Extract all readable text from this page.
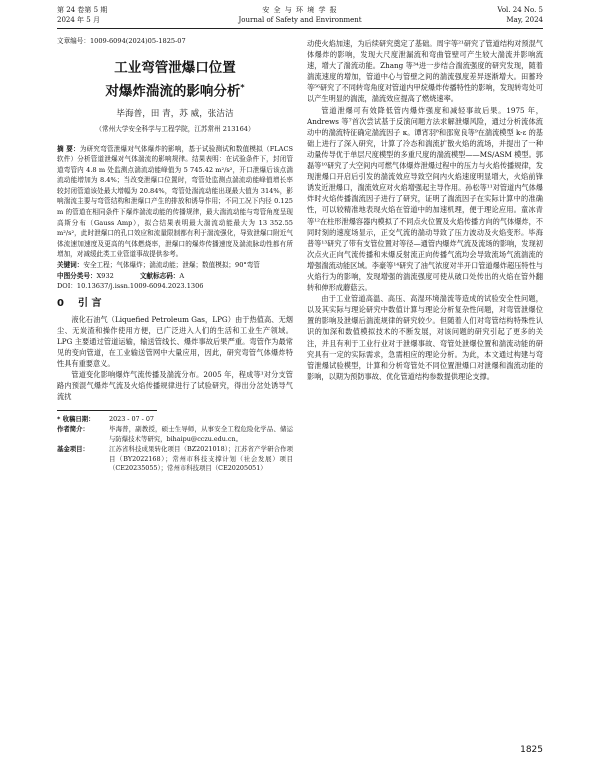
第 24 卷第 5 期
2024 年 5 月
安 全 与 环 境 学 报
Journal of Safety and Environment
Vol. 24 No. 5
May, 2024

文章编号：1009-6094(2024)05-1825-07

工业弯管泄爆口位置
对爆炸湍流的影响分析*
毕海普，田 青，苏 威，张洁洁
（常州大学安全科学与工程学院，江苏常州 213164）

摘 要：为研究弯管泄爆对气体爆炸的影响，基于试验测试和数值模拟（FLACS 软件）分析管道泄爆对气体湍流的影响规律。结果表明：在试验条件下，封闭管道弯管内 4.8 m 处监测点湍流动能峰值为 5 745.42 m²/s²，开口泄爆后该点湍流动能增加为 8.4%；当改变泄爆口位置时，弯管处监测点湍流动能峰值增长率较封闭管道该处最大增幅为 20.84%，弯管处湍流动能出现最大值为 314%，影响湍流主要与弯管结构和泄爆口产生的排放和诱导作用；不同工况下内径 0.125 m 的管道在相同条件下爆炸湍流动能的传播规律，最大湍流动能与弯管角度呈现高斯分布（Gauss Amp），拟合结果表明最大湍流动能最大为 13 352.55 m²/s²，此时泄爆口的孔口效应和流量限制都有利于湍流强化，导致泄爆口附近气体流速加速度及更高的气体燃烧率，泄爆口的爆炸传播速度及湍流脉动性都有所增加，对减缓此类工业管道事故提供参考。

关键词：安全工程；气体爆炸；湍流动能；泄爆；数值模拟；90°弯管

中图分类号：X932	文献标志码：A

DOI：10.13637/j.issn.1009-6094.2023.1306

0 引 言

液化石油气（Liquefied Petroleum Gas，LPG）由于热值高、无烟尘、无炭渣和操作使用方便，已广泛进入人们的生活和工业生产领域。LPG 主要通过管道运输，输送管线长、爆炸事故后果严重。弯管作为最常见的变向管道，在工业输送管网中大量应用，因此，研究弯管气体爆炸特性具有重要意义。

管道变化影响爆炸气流传播及湍流分布。2005 年，程成等¹对分支管路内预混气爆炸气流及火焰传播规律进行了试验研究，得出分岔处诱导气流扰

* 收稿日期： 2023 - 07 - 07

作者简介：	毕海普，副教授，硕士生导师，从事安全工程危险化学品、储运与防爆技术等研究，bihaipu@cczu.edu.cn。

基金项目：	江苏省科技成果转化项目（BZ2021018）；江苏省产学研合作项目（BY2022168）；常州市科技支撑计划（社会发展）项目（CE20235055）；常州市科技项目（CE20205051）

动使火焰加速，为后续研究奠定了基础。周宇等²¹研究了管道结构对预混气体爆炸的影响，发现大尺度泄漏流和弯曲管壁可产生较大湍流并影响流速，增大了湍流动能。Zhang 等³⁴进一步结合湍流强度的研究发现，随着湍流速度的增加，管道中心与管壁之间的湍流强度差异逐渐增大。田蓄玲等⁵⁶研究了不同转弯角度对管道内甲烷爆炸传播特性的影响，发现转弯处可以产生明显的湍流，湍流效应提高了燃烧速率。

管道泄爆可有效降低管内爆炸强度和减轻事故后果。1975 年，Andrews 等⁷首次尝试基于反演问题方法求解泄爆风险，通过分析流体流动中的湍流特征确定湍流因子 κ。谭宵羽⁸和邵宽良等⁹在湍流模型 k-ε 的基础上进行了深入研究，计算了冷态和湍流扩散火焰的流场，并提出了一种动量传导优于单层尺度模型的多重尺度的湍流模型——MS/ASM 模型。郭磊等¹⁰研究了大空间内可燃气体爆炸泄爆过程中的压力与火焰传播规律，发现泄爆口开启后引发的湍流效应导致空间内火焰速度明显增大，火焰前锋诱发近泄爆口，湍流效应对火焰增强起主导作用。孙松等¹¹对管道内气体爆炸时火焰传播湍流因子进行了研究，证明了湍流因子在实际计算中的准确性，可以较精准地表现火焰在管道中的加速机理，便于理论应用。童冰青等¹²在柱形泄爆容器内模拟了不同点火位置及火焰传播方向的气体爆炸，不同时刻的速度场显示，正交气流的湍动导致了压力波动及火焰变形。毕海普等¹³研究了带有支管位置对等径—通管内爆炸气流及流场的影响，发现初次点火正向气流传播和未爆反射流正向传播气流均会导致流场气流湍流的增强湍流动能区域。李豪等¹⁴研究了油气浓度对半开口管道爆炸超压特性与火焰行为的影响，发现增强的湍流强度可使从破口处传出的火焰在管外翻转和伸形成蘑菇云。

由于工业管道高温、高压、高湿环境湍流等造成的试验安全性问题，以及其实际与理论研究中数值计算与理论分析复杂性问题，对弯管泄爆位置的影响及泄爆后湍流规律的研究较少。但随着人们对弯管结构特殊性认识的加深和数值模拟技术的不断发展，对该问题的研究引起了更多的关注，并且有利于工业行业对于泄爆事故、弯管处泄爆位置和湍流动能的研究具有一定的实际需求，急需相应的理论分析。为此，本文通过构建与弯管泄爆试验模型，计算和分析弯管处不同位置泄爆口对泄爆和湍流动能的影响，以期为预防事故、优化管道结构参数提供理论支撑。

1825
